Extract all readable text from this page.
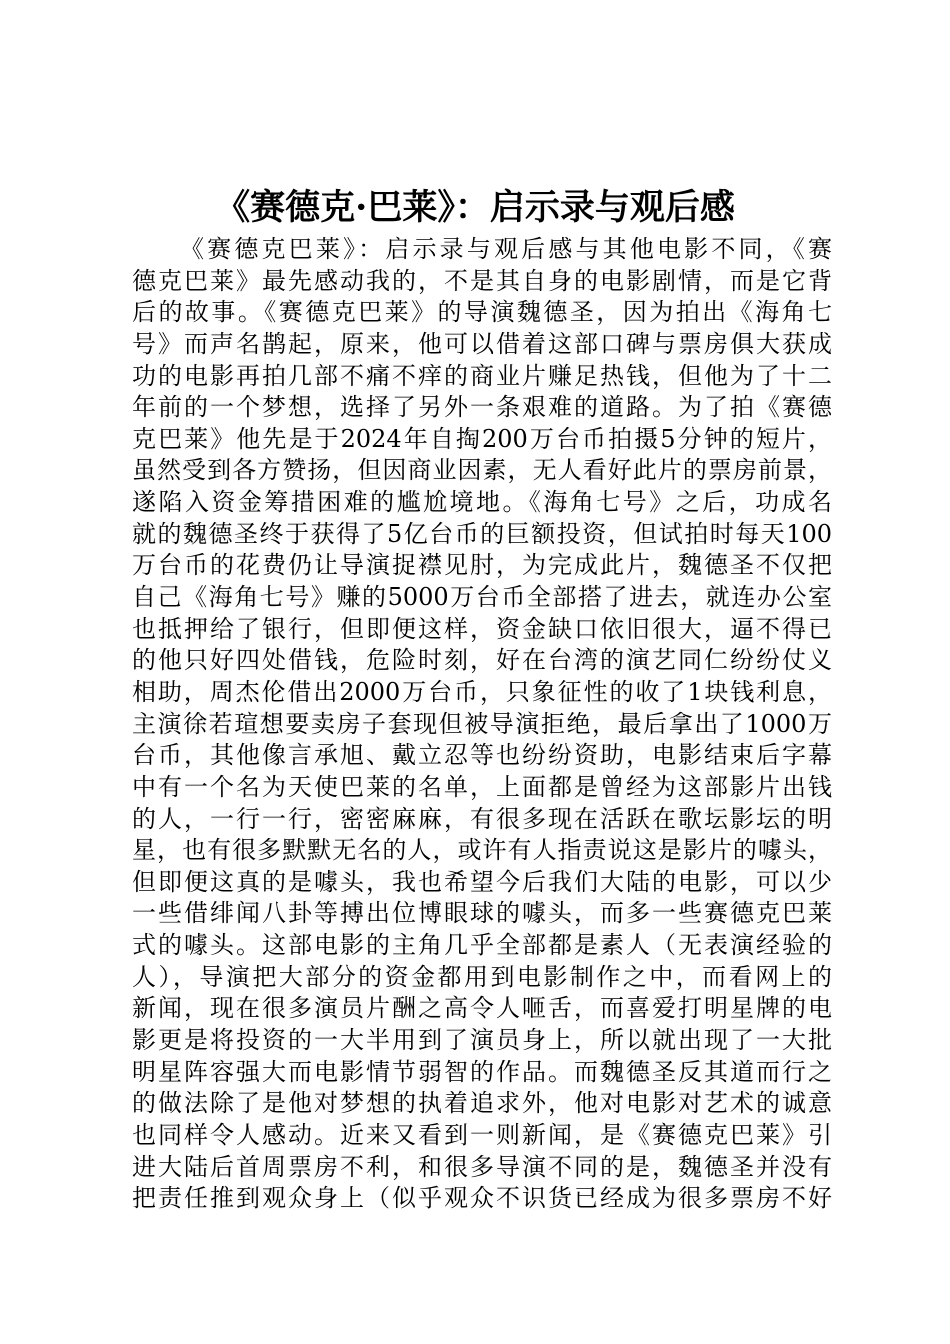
《赛德克·巴莱》：启示录与观后感
《赛德克巴莱》：启示录与观后感与其他电影不同，《赛
德克巴莱》最先感动我的，不是其自身的电影剧情，而是它背
后的故事。《赛德克巴莱》的导演魏德圣，因为拍出《海角七
号》而声名鹊起，原来，他可以借着这部口碑与票房俱大获成
功的电影再拍几部不痛不痒的商业片赚足热钱，但他为了十二
年前的一个梦想，选择了另外一条艰难的道路。为了拍《赛德
克巴莱》他先是于2024年自掏200万台币拍摄5分钟的短片，
虽然受到各方赞扬，但因商业因素，无人看好此片的票房前景，
遂陷入资金筹措困难的尴尬境地。《海角七号》之后，功成名
就的魏德圣终于获得了5亿台币的巨额投资，但试拍时每天100
万台币的花费仍让导演捉襟见肘，为完成此片，魏德圣不仅把
自己《海角七号》赚的5000万台币全部搭了进去，就连办公室
也抵押给了银行，但即便这样，资金缺口依旧很大，逼不得已
的他只好四处借钱，危险时刻，好在台湾的演艺同仁纷纷仗义
相助，周杰伦借出2000万台币，只象征性的收了1块钱利息，
主演徐若瑄想要卖房子套现但被导演拒绝，最后拿出了1000万
台币，其他像言承旭、戴立忍等也纷纷资助，电影结束后字幕
中有一个名为天使巴莱的名单，上面都是曾经为这部影片出钱
的人，一行一行，密密麻麻，有很多现在活跃在歌坛影坛的明
星，也有很多默默无名的人，或许有人指责说这是影片的噱头，
但即便这真的是噱头，我也希望今后我们大陆的电影，可以少
一些借绯闻八卦等搏出位博眼球的噱头，而多一些赛德克巴莱
式的噱头。这部电影的主角几乎全部都是素人（无表演经验的
人），导演把大部分的资金都用到电影制作之中，而看网上的
新闻，现在很多演员片酬之高令人咂舌，而喜爱打明星牌的电
影更是将投资的一大半用到了演员身上，所以就出现了一大批
明星阵容强大而电影情节弱智的作品。而魏德圣反其道而行之
的做法除了是他对梦想的执着追求外，他对电影对艺术的诚意
也同样令人感动。近来又看到一则新闻，是《赛德克巴莱》引
进大陆后首周票房不利，和很多导演不同的是，魏德圣并没有
把责任推到观众身上（似乎观众不识货已经成为很多票房不好
